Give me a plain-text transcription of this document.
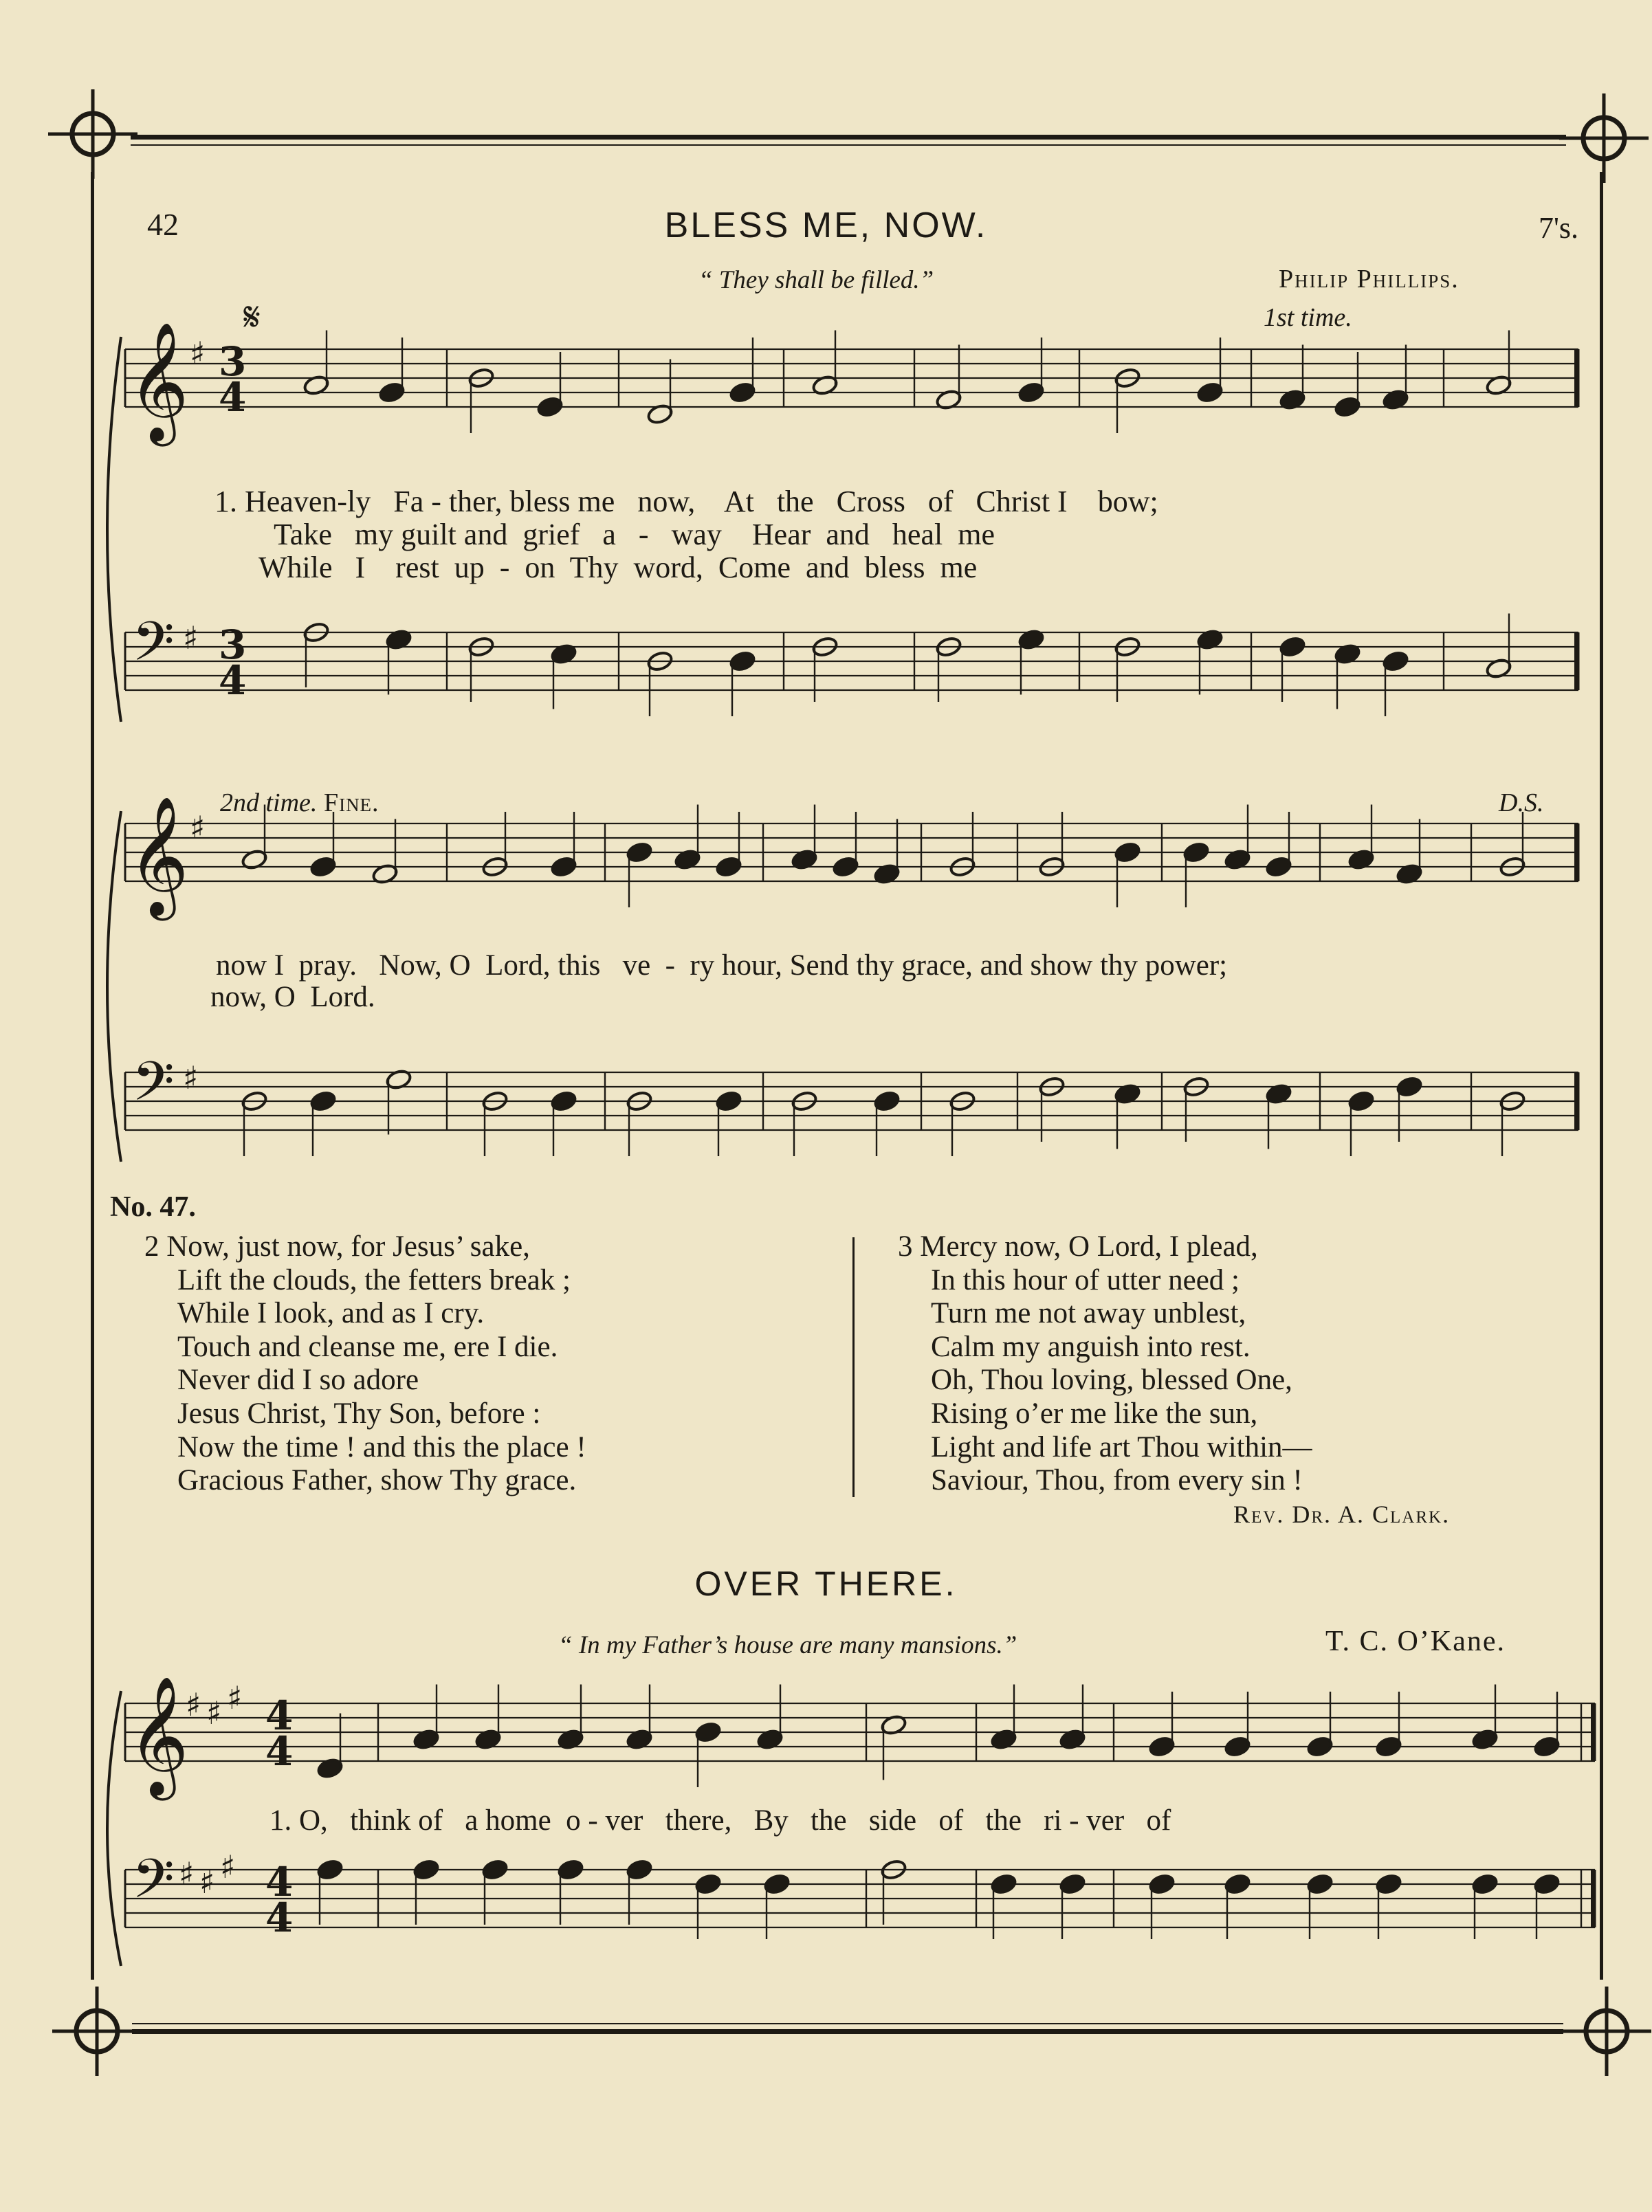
42	BLESS ME, NOW.	7's.
“ They shall be filled.”	Philip Phillips.
𝄞 ♯ 3
4
𝄢 ♯ 3
4
𝄞 ♯
𝄢 ♯
𝄞
♯ ♯ ♯ 4
4
𝄢 ♯ ♯ ♯ 4
4
𝄋	1st time.
1. Heaven-ly Fa - ther, bless me now, At the Cross of Christ I bow;
Take my guilt and grief a - way Hear and heal me
While I rest up - on Thy word, Come and bless me
2nd time. Fine.	D.S.
now I  pray.   Now, O  Lord, this   ve  -  ry hour, Send thy grace, and show thy power;
now, O  Lord.
No. 47.
2 Now, just now, for Jesus’ sake,
Lift the clouds, the fetters break ;
While I look, and as I cry.
Touch and cleanse me, ere I die.
Never did I so adore
Jesus Christ, Thy Son, before :
Now the time ! and this the place !
Gracious Father, show Thy grace.
3 Mercy now, O Lord, I plead,
In this hour of utter need ;
Turn me not away unblest,
Calm my anguish into rest.
Oh, Thou loving, blessed One,
Rising o’er me like the sun,
Light and life art Thou within—
Saviour, Thou, from every sin !
Rev. Dr. A. Clark.
OVER THERE.
“ In my Father’s house are many mansions.”	T. C. O’Kane.
1. O, think of a home o - ver there, By the side of the ri - ver of
